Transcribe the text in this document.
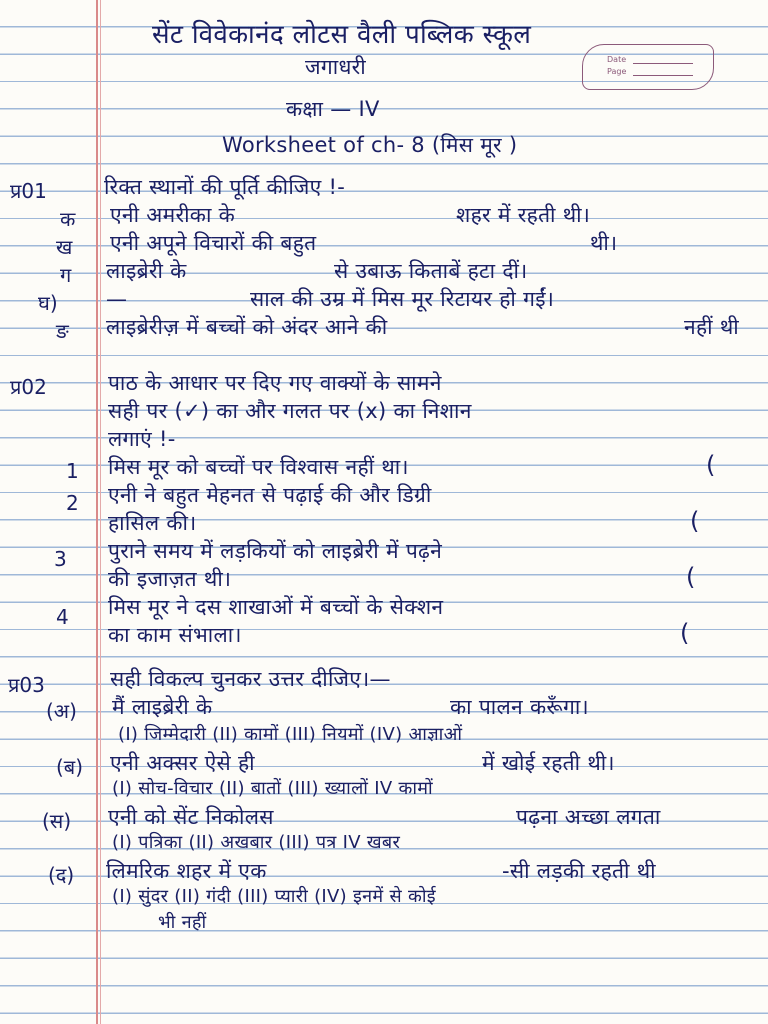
सेंट विवेकानंद लोटस वैली पब्लिक स्कूल
जगाधरी	Date
Page
कक्षा — IV
Worksheet of ch- 8 (मिस मूर )
प्र01	रिक्त स्थानों की पूर्ति कीजिए !-
क एनी अमरीका के	शहर में रहती थी।
ख एनी अपूने विचारों की बहुत	थी।
ग लाइब्रेरी के	से उबाऊ किताबें हटा दीं।
घ) —	साल की उम्र में मिस मूर रिटायर हो गईं।
ङ लाइब्रेरीज़ में बच्चों को अंदर आने की	नहीं थी
प्र02	पाठ के आधार पर दिए गए वाक्यों के सामने
सही पर (✓) का और गलत पर (x) का निशान
लगाएं !-
1 मिस मूर को बच्चों पर विश्वास नहीं था।	(
2 एनी ने बहुत मेहनत से पढ़ाई की और डिग्री
हासिल की।	(
3 पुराने समय में लड़कियों को लाइब्रेरी में पढ़ने
की इजाज़त थी।	(
4 मिस मूर ने दस शाखाओं में बच्चों के सेक्शन
का काम संभाला।	(
प्र03	सही विकल्प चुनकर उत्तर दीजिए।—
(अ) मैं लाइब्रेरी के	का पालन करूँगा।
(I) जिम्मेदारी (II) कामों (III) नियमों (IV) आज्ञाओं
(ब) एनी अक्सर ऐसे ही	में खोई रहती थी।
(I) सोच-विचार (II) बातों (III) ख्यालों IV कामों
(स) एनी को सेंट निकोलस	पढ़ना अच्छा लगता
(I) पत्रिका (II) अखबार (III) पत्र IV खबर
(द) लिमरिक शहर में एक	-सी लड़की रहती थी
(I) सुंदर (II) गंदी (III) प्यारी (IV) इनमें से कोई
भी नहीं
